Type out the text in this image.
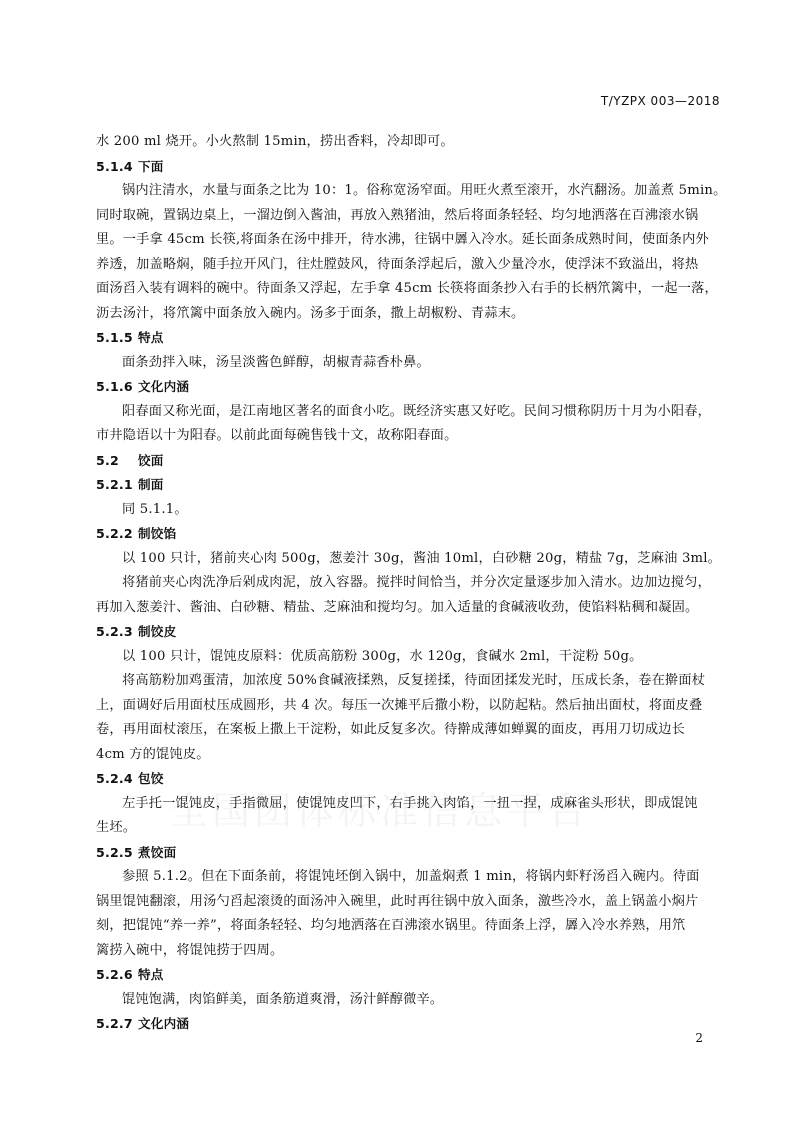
T/YZPX 003—2018
水 200 ml 烧开。小火熬制 15min，捞出香料，冷却即可。
5.1.4 下面
锅内注清水，水量与面条之比为 10：1。俗称宽汤窄面。用旺火煮至滚开，水汽翻汤。加盖煮 5min。
同时取碗，置锅边桌上，一溜边倒入酱油，再放入熟猪油，然后将面条轻轻、均匀地洒落在百沸滚水锅
里。一手拿 45cm 长筷,将面条在汤中排开，待水沸，往锅中羼入冷水。延长面条成熟时间，使面条内外
养透，加盖略焖，随手拉开风门，往灶膛鼓风，待面条浮起后，激入少量冷水，使浮沫不致溢出，将热
面汤舀入装有调料的碗中。待面条又浮起，左手拿 45cm 长筷将面条抄入右手的长柄笊篱中，一起一落，
沥去汤汁，将笊篱中面条放入碗内。汤多于面条，撒上胡椒粉、青蒜末。
5.1.5 特点
面条劲拌入味，汤呈淡酱色鲜醇，胡椒青蒜香朴鼻。
5.1.6 文化内涵
阳春面又称光面，是江南地区著名的面食小吃。既经济实惠又好吃。民间习惯称阴历十月为小阳春，
市井隐语以十为阳春。以前此面每碗售钱十文，故称阳春面。
5.2 饺面
5.2.1 制面
同 5.1.1。
5.2.2 制饺馅
以 100 只计，猪前夹心肉 500g，葱姜汁 30g，酱油 10ml，白砂糖 20g，精盐 7g，芝麻油 3ml。
将猪前夹心肉洗净后剁成肉泥，放入容器。搅拌时间恰当，并分次定量逐步加入清水。边加边搅匀，
再加入葱姜汁、酱油、白砂糖、精盐、芝麻油和搅均匀。加入适量的食碱液收劲，使馅料粘稠和凝固。
5.2.3 制饺皮
以 100 只计，馄饨皮原料：优质高筋粉 300g，水 120g，食碱水 2ml，干淀粉 50g。
将高筋粉加鸡蛋清，加浓度 50%食碱液揉熟，反复搓揉，待面团揉发光时，压成长条，卷在擀面杖
上，面调好后用面杖压成圆形，共 4 次。每压一次摊平后撒小粉，以防起粘。然后抽出面杖，将面皮叠
卷，再用面杖滚压，在案板上撒上干淀粉，如此反复多次。待擀成薄如蝉翼的面皮，再用刀切成边长
4cm 方的馄饨皮。
5.2.4 包饺
左手托一馄饨皮，手指微屈，使馄饨皮凹下，右手挑入肉馅，一扭一捏，成麻雀头形状，即成馄饨
生坯。
5.2.5 煮饺面
参照 5.1.2。但在下面条前，将馄饨坯倒入锅中，加盖焖煮 1 min，将锅内虾籽汤舀入碗内。待面
锅里馄饨翻滚，用汤勺舀起滚烫的面汤冲入碗里，此时再往锅中放入面条，激些冷水，盖上锅盖小焖片
刻，把馄饨“养一养”，将面条轻轻、均匀地洒落在百沸滚水锅里。待面条上浮，羼入冷水养熟，用笊
篱捞入碗中，将馄饨捞于四周。
5.2.6 特点
馄饨饱满，肉馅鲜美，面条筋道爽滑，汤汁鲜醇微辛。
5.2.7 文化内涵
2
